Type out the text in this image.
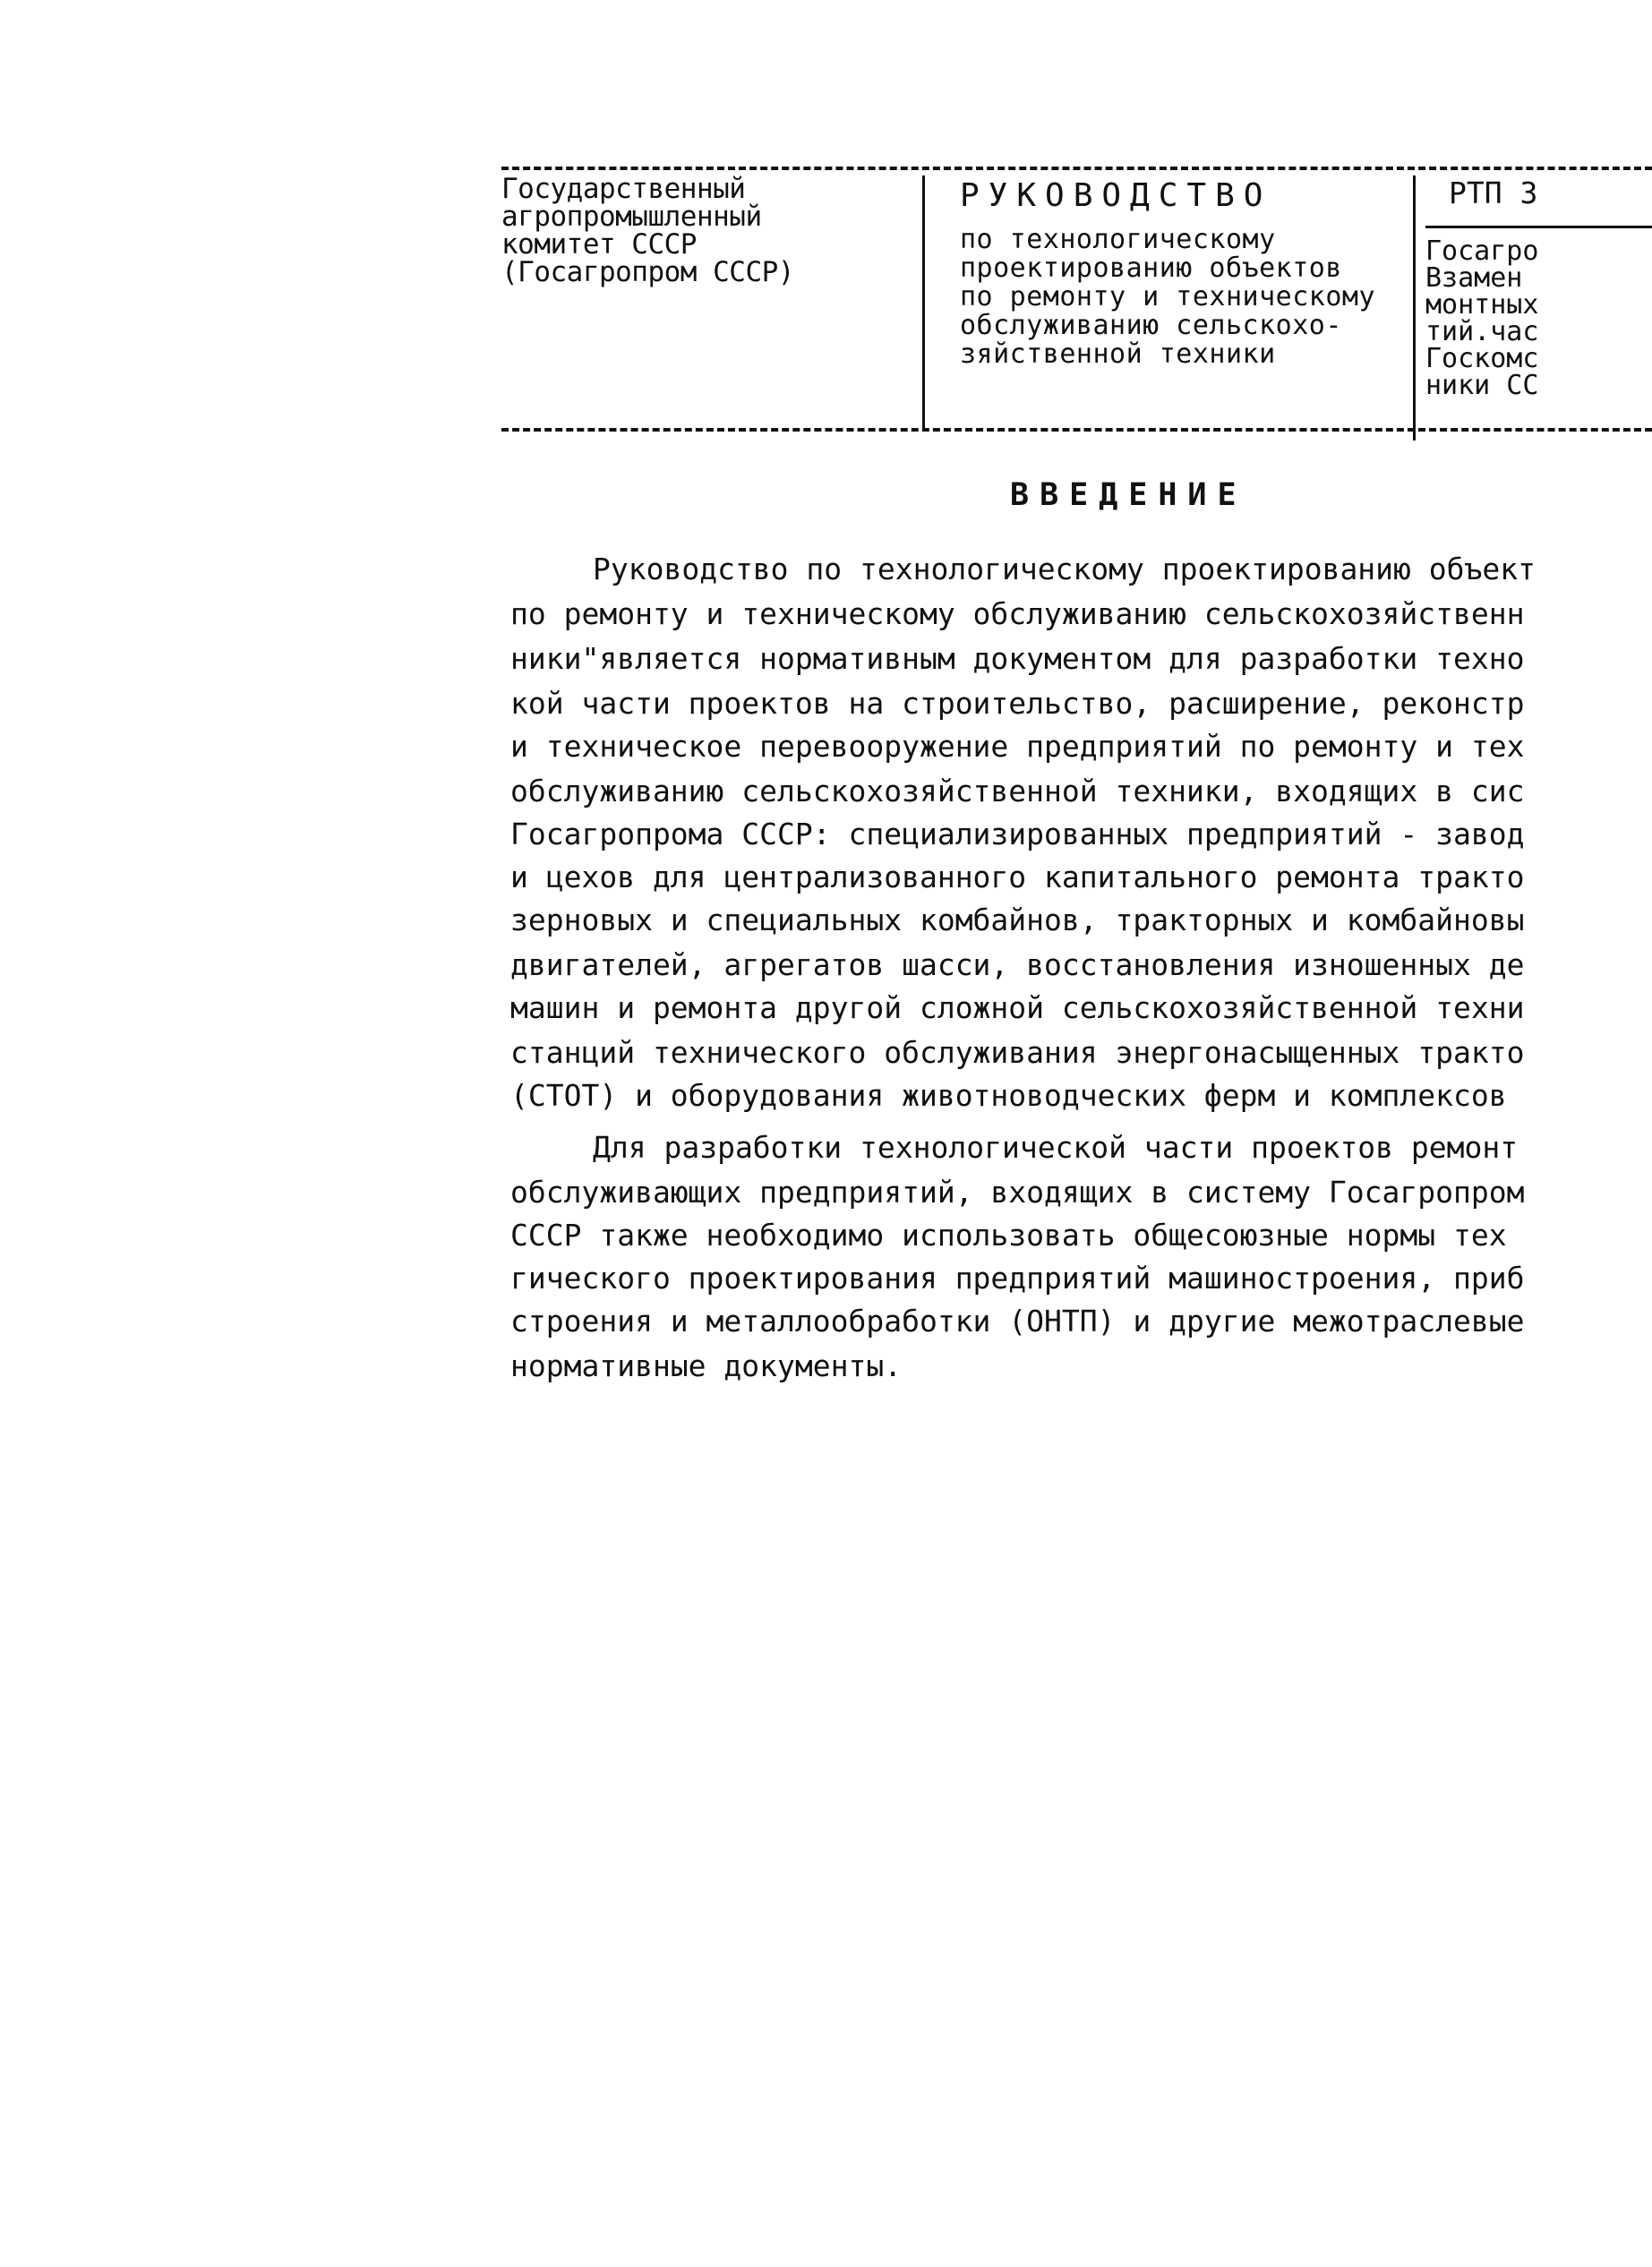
Государственный
агропромышленный
комитет СССР
(Госагропром СССР)
РУКОВОДСТВО
по технологическому
проектированию объектов
по ремонту и техническому
обслуживанию сельскохо-
зяйственной техники
РТП 3
Госагро
Взамен
монтных
тий.час
Госкомс
ники СС
ВВЕДЕНИЕ
Руководство по технологическому проектированию объект
по ремонту и техническому обслуживанию сельскохозяйственн
ники"является нормативным документом для разработки техно
кой части проектов на строительство, расширение, реконстр
и техническое перевооружение предприятий по ремонту и тех
обслуживанию сельскохозяйственной техники, входящих в сис
Госагропрома СССР: специализированных предприятий - завод
и цехов для централизованного капитального ремонта тракто
зерновых и специальных комбайнов, тракторных и комбайновы
двигателей, агрегатов шасси, восстановления изношенных де
машин и ремонта другой сложной сельскохозяйственной техни
станций технического обслуживания энергонасыщенных тракто
(СТОТ) и оборудования животноводческих ферм и комплексов
Для разработки технологической части проектов ремонт
обслуживающих предприятий, входящих в систему Госагропром
СССР также необходимо использовать общесоюзные нормы тех
гического проектирования предприятий машиностроения, приб
строения и металлообработки (ОНТП) и другие межотраслевые
нормативные документы.
